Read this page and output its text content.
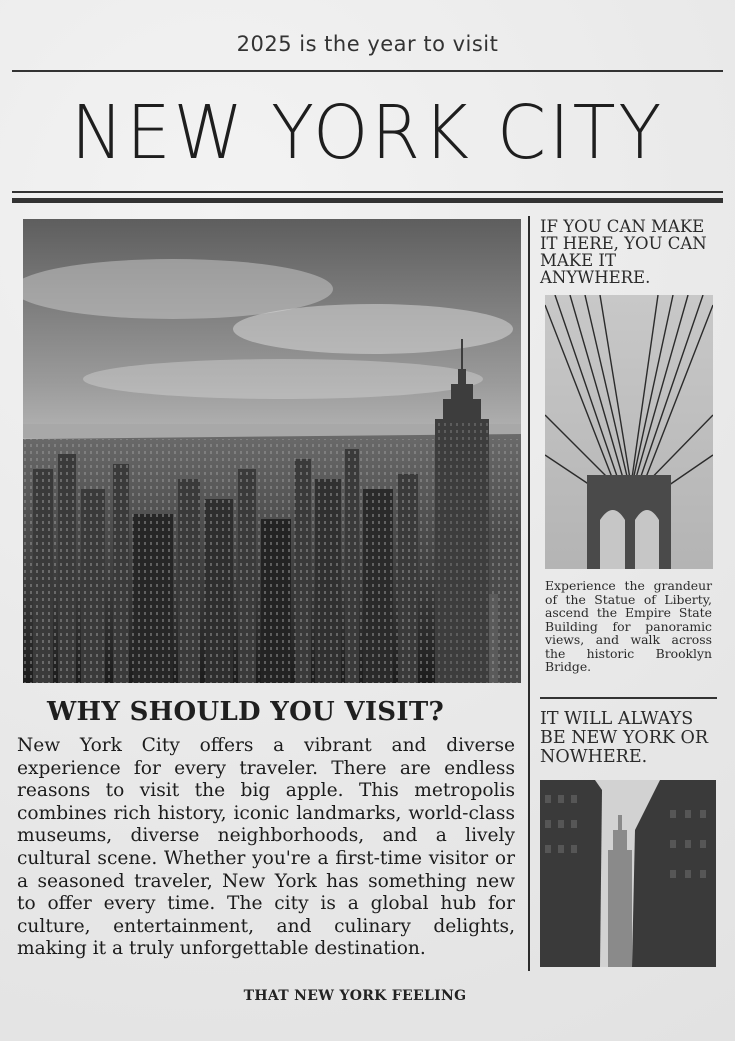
2025 is the year to visit
NEW YORK CITY
WHY SHOULD YOU VISIT?
New York City offers a vibrant and diverse experience for every traveler. There are endless reasons to visit the big apple. This metropolis combines rich history, iconic landmarks, world-class museums, diverse neighborhoods, and a lively cultural scene. Whether you're a first-time visitor or a seasoned traveler, New York has something new to offer every time. The city is a global hub for culture, entertainment, and culinary delights, making it a truly unforgettable destination.
THAT NEW YORK FEELING
IF YOU CAN MAKE IT HERE, YOU CAN MAKE IT ANYWHERE.
Experience the grandeur of the Statue of Liberty, ascend the Empire State Building for panoramic views, and walk across the historic Brooklyn Bridge.
IT WILL ALWAYS BE NEW YORK OR NOWHERE.
